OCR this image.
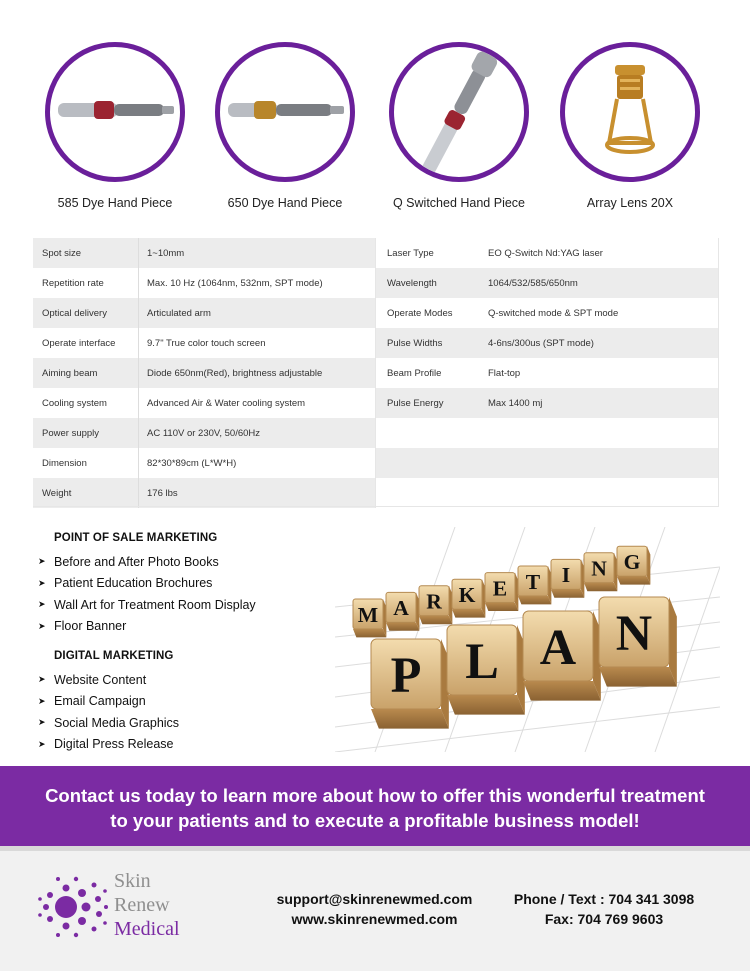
585 Dye Hand Piece	650 Dye Hand Piece	Q Switched Hand Piece	Array Lens 20X
Spot size	1~10mm
Repetition rate	Max. 10 Hz (1064nm, 532nm, SPT mode)
Optical delivery	Articulated arm
Operate interface	9.7" True color touch screen
Aiming beam	Diode 650nm(Red), brightness adjustable
Cooling system	Advanced Air & Water cooling system
Power supply	AC 110V or 230V, 50/60Hz
Dimension	82*30*89cm (L*W*H)
Weight	176 lbs
Laser Type	EO Q-Switch Nd:YAG laser
Wavelength	1064/532/585/650nm
Operate Modes	Q-switched mode & SPT mode
Pulse Widths	4-6ns/300us (SPT mode)
Beam Profile	Flat-top
Pulse Energy	Max 1400 mj
POINT OF SALE MARKETING
➤ Before and After Photo Books
➤ Patient Education Brochures
➤ Wall Art for Treatment Room Display
➤ Floor Banner
DIGITAL MARKETING
➤ Website Content
➤ Email Campaign
➤ Social Media Graphics
➤ Digital Press Release
M A R K E T I N G
P L A N

Contact us today to learn more about how to offer this wonderful treatment
to your patients and to execute a profitable business model!

Skin
Renew
Medical
support@skinrenewmed.com
www.skinrenewmed.com
Phone / Text : 704 341 3098
Fax: 704 769 9603
